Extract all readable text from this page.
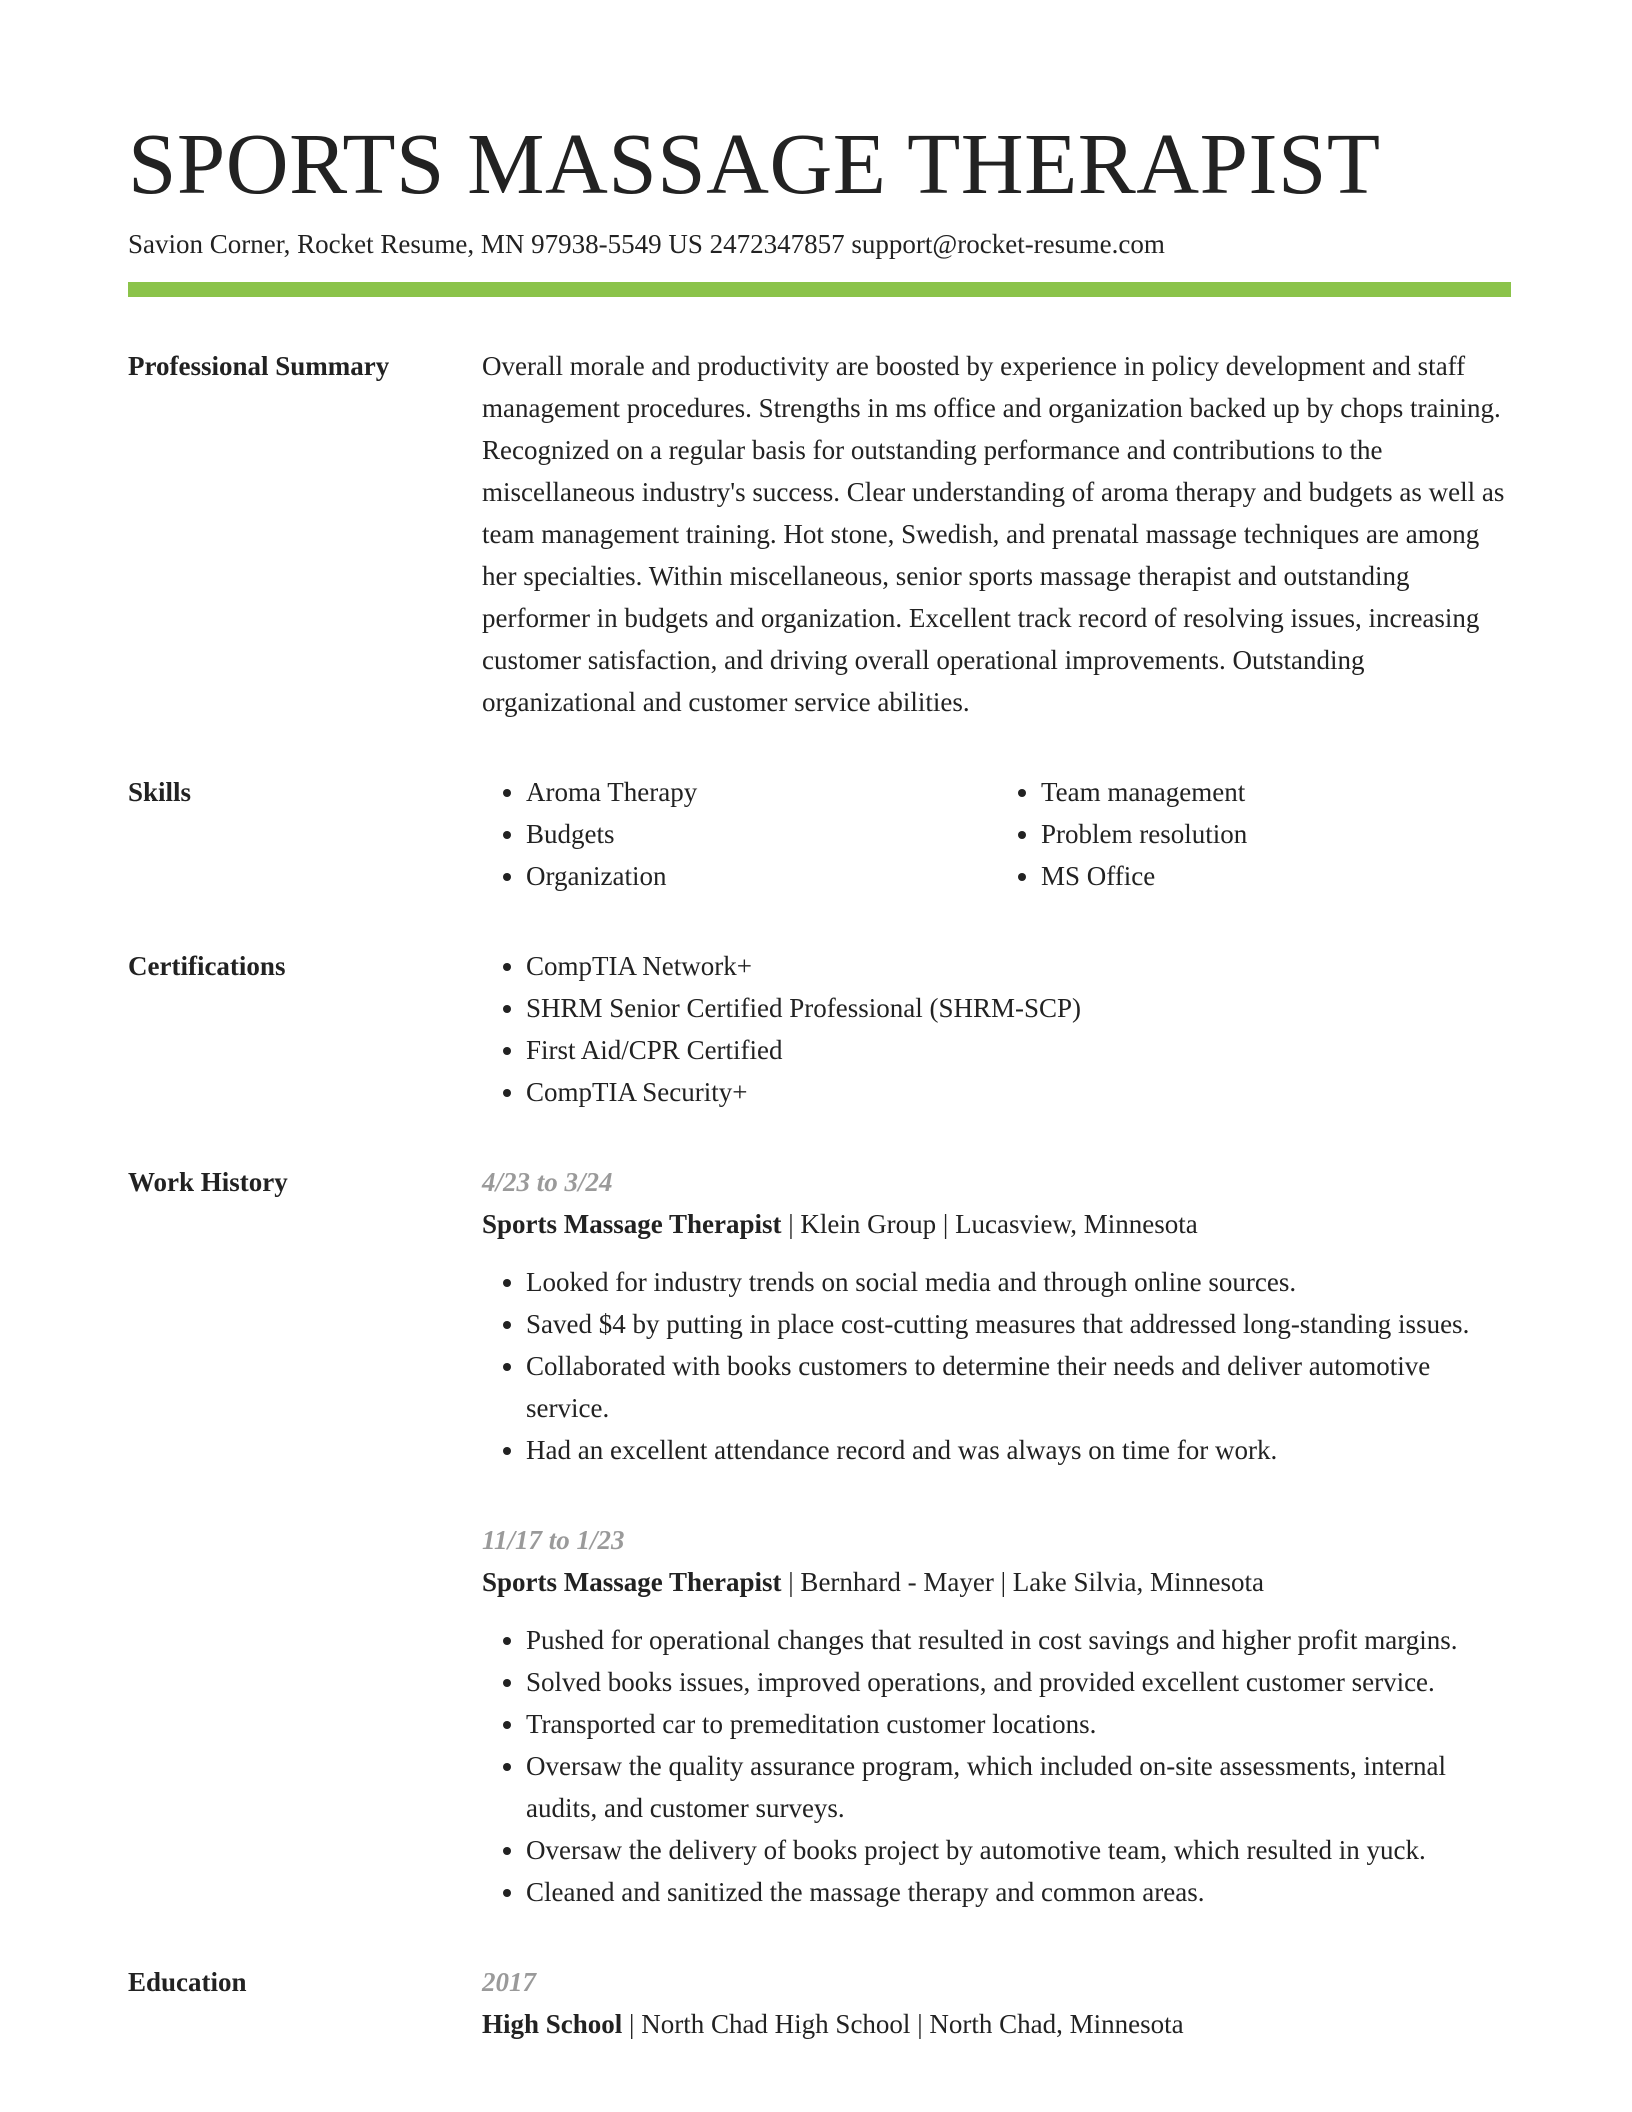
SPORTS MASSAGE THERAPIST
Savion Corner, Rocket Resume, MN 97938-5549 US 2472347857 support@rocket-resume.com
Professional Summary	Overall morale and productivity are boosted by experience in policy development and staff management procedures. Strengths in ms office and organization backed up by chops training. Recognized on a regular basis for outstanding performance and contributions to the miscellaneous industry's success. Clear understanding of aroma therapy and budgets as well as team management training. Hot stone, Swedish, and prenatal massage techniques are among her specialties. Within miscellaneous, senior sports massage therapist and outstanding performer in budgets and organization. Excellent track record of resolving issues, increasing customer satisfaction, and driving overall operational improvements. Outstanding organizational and customer service abilities.

Skills	• Aroma Therapy
• Budgets
• Organization
• Team management
• Problem resolution
• MS Office
Certifications	• CompTIA Network+
• SHRM Senior Certified Professional (SHRM-SCP)
• First Aid/CPR Certified
• CompTIA Security+
Work History	4/23 to 3/24
Sports Massage Therapist | Klein Group | Lucasview, Minnesota
• Looked for industry trends on social media and through online sources.
• Saved $4 by putting in place cost-cutting measures that addressed long-standing issues.
• Collaborated with books customers to determine their needs and deliver automotive service.
• Had an excellent attendance record and was always on time for work.
11/17 to 1/23
Sports Massage Therapist | Bernhard - Mayer | Lake Silvia, Minnesota
• Pushed for operational changes that resulted in cost savings and higher profit margins.
• Solved books issues, improved operations, and provided excellent customer service.
• Transported car to premeditation customer locations.
• Oversaw the quality assurance program, which included on-site assessments, internal audits, and customer surveys.
• Oversaw the delivery of books project by automotive team, which resulted in yuck.
• Cleaned and sanitized the massage therapy and common areas.
Education	2017
High School | North Chad High School | North Chad, Minnesota
